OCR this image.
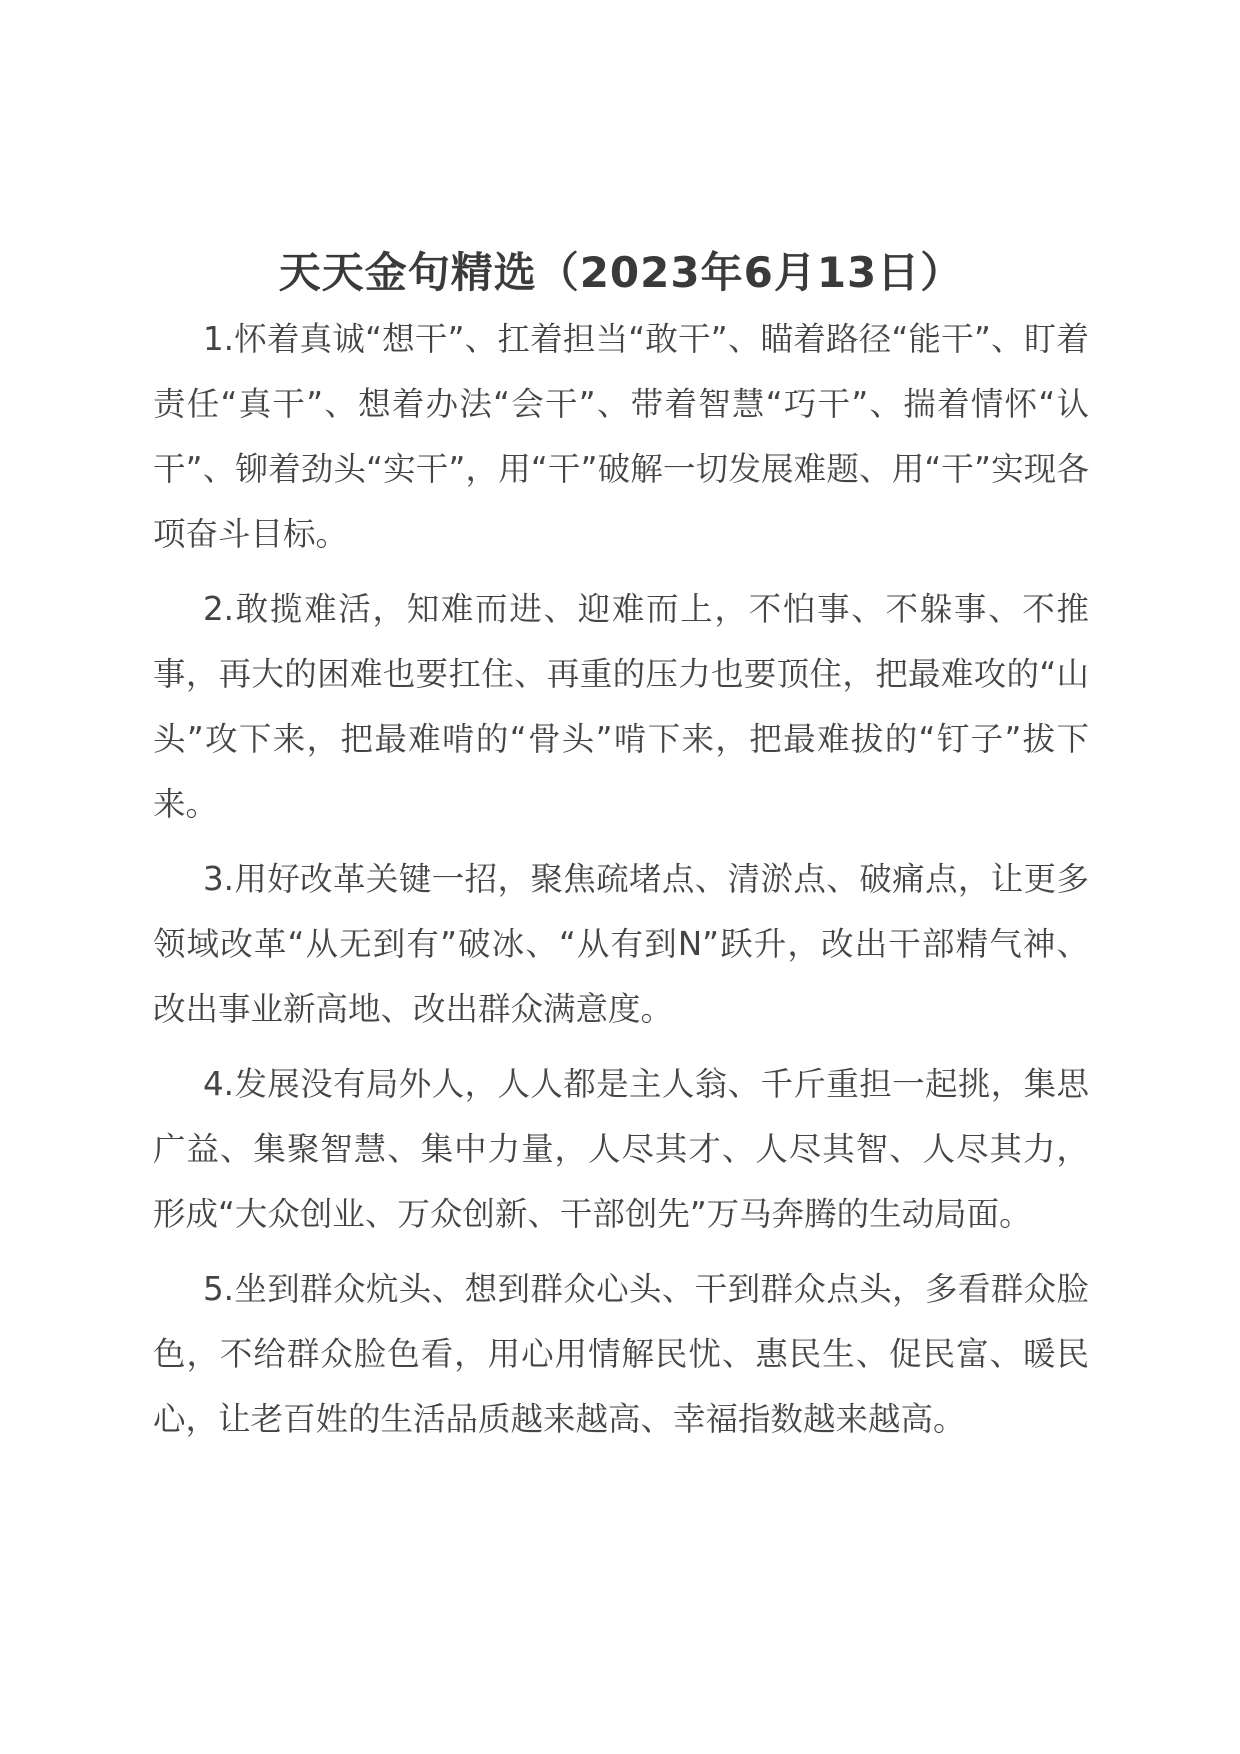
天天金句精选（2023年6月13日）

1.怀着真诚“想干”、扛着担当“敢干”、瞄着路径“能干”、盯着责任“真干”、想着办法“会干”、带着智慧“巧干”、揣着情怀“认干”、铆着劲头“实干”，用“干”破解一切发展难题、用“干”实现各项奋斗目标。

2.敢揽难活，知难而进、迎难而上，不怕事、不躲事、不推事，再大的困难也要扛住、再重的压力也要顶住，把最难攻的“山头”攻下来，把最难啃的“骨头”啃下来，把最难拔的“钉子”拔下来。

3.用好改革关键一招，聚焦疏堵点、清淤点、破痛点，让更多领域改革“从无到有”破冰、“从有到N”跃升，改出干部精气神、改出事业新高地、改出群众满意度。

4.发展没有局外人，人人都是主人翁、千斤重担一起挑，集思广益、集聚智慧、集中力量，人尽其才、人尽其智、人尽其力，形成“大众创业、万众创新、干部创先”万马奔腾的生动局面。

5.坐到群众炕头、想到群众心头、干到群众点头，多看群众脸色，不给群众脸色看，用心用情解民忧、惠民生、促民富、暖民心，让老百姓的生活品质越来越高、幸福指数越来越高。
